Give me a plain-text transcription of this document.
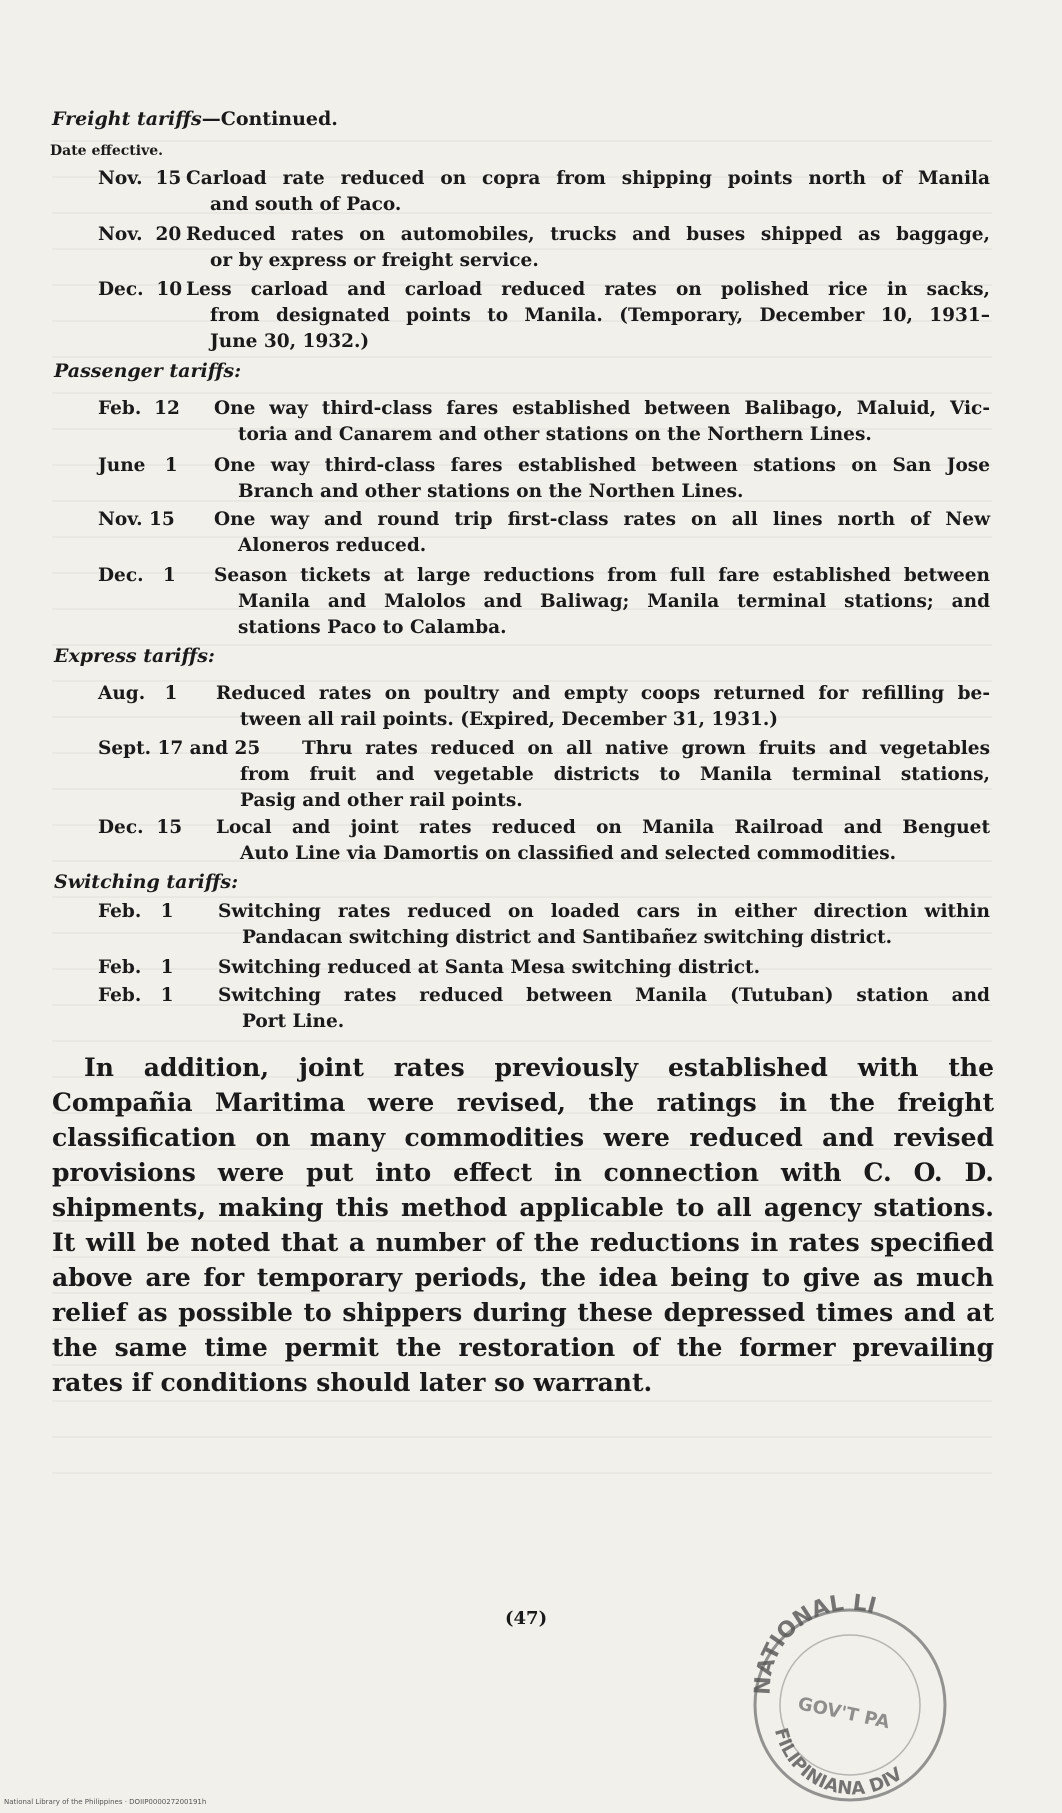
Freight tariffs—Continued.
Date effective.
Nov.  15 Carload rate reduced on copra from shipping points north of Manila
and south of Paco.
Nov.  20 Reduced rates on automobiles, trucks and buses shipped as baggage,
or by express or freight service.
Dec.  10 Less carload and carload reduced rates on polished rice in sacks,
from designated points to Manila. (Temporary, December 10, 1931–
June 30, 1932.)
Passenger tariffs:
Feb.  12 One way third-class fares established between Balibago, Maluid, Vic-
toria and Canarem and other stations on the Northern Lines.
June   1 One way third-class fares established between stations on San Jose
Branch and other stations on the Northen Lines.
Nov. 15 One way and round trip first-class rates on all lines north of New
Aloneros reduced.
Dec.   1 Season tickets at large reductions from full fare established between
Manila and Malolos and Baliwag; Manila terminal stations; and
stations Paco to Calamba.
Express tariffs:
Aug.   1 Reduced rates on poultry and empty coops returned for refilling be-
tween all rail points. (Expired, December 31, 1931.)
Sept. 17 and 25 Thru rates reduced on all native grown fruits and vegetables
from fruit and vegetable districts to Manila terminal stations,
Pasig and other rail points.
Dec.  15 Local and joint rates reduced on Manila Railroad and Benguet
Auto Line via Damortis on classified and selected commodities.
Switching tariffs:
Feb.   1 Switching rates reduced on loaded cars in either direction within
Pandacan switching district and Santibañez switching district.
Feb.   1 Switching reduced at Santa Mesa switching district.
Feb.   1 Switching rates reduced between Manila (Tutuban) station and
Port Line.
In addition, joint rates previously established with the Compañia Maritima were revised, the ratings in the freight classification on many commodities were reduced and revised provisions were put into effect in connection with C. O. D. shipments, making this method applicable to all agency stations. It will be noted that a number of the reductions in rates specified above are for temporary periods, the idea being to give as much relief as possible to shippers during these depressed times and at the same time permit the restoration of the former prevailing rates if conditions should later so warrant.
(47)
NATIONAL LI
GOV'T PA
FILIPINIANA DIV
National Library of the Philippines · DOIIP000027200191h
